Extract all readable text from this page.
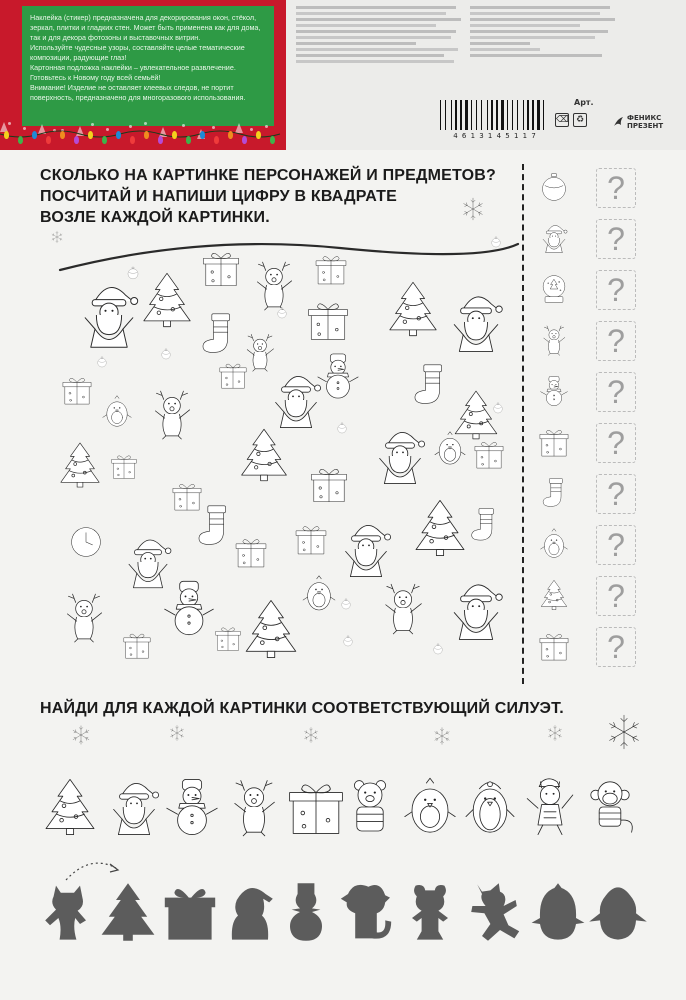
Наклейка (стикер) предназначена для декорирования окон, стёкол,

зеркал, плитки и гладких стен. Может быть применена как для дома,

так и для декора фотозоны и выставочных витрин.

Используйте чудесные узоры, составляйте целые тематические

композиции, радующие глаз!

Картонная подложка наклейки – увлекательное развлечение.

Готовьтесь к Новому году всей семьёй!

Внимание! Изделие не оставляет клеевых следов, не портит

поверхность, предназначено для многоразового использования.

4 6 1 3 1 4 5 1 1 7
Арт.
⌫ ♻	ФЕНИКС
ПРЕЗЕНТ
СКОЛЬКО НА КАРТИНКЕ ПЕРСОНАЖЕЙ И ПРЕДМЕТОВ?
ПОСЧИТАЙ И НАПИШИ ЦИФРУ В КВАДРАТЕ
ВОЗЛЕ КАЖДОЙ КАРТИНКИ.
?
?
?
?
?
?
?
?
?
?
НАЙДИ ДЛЯ КАЖДОЙ КАРТИНКИ СООТВЕТСТВУЮЩИЙ СИЛУЭТ.
